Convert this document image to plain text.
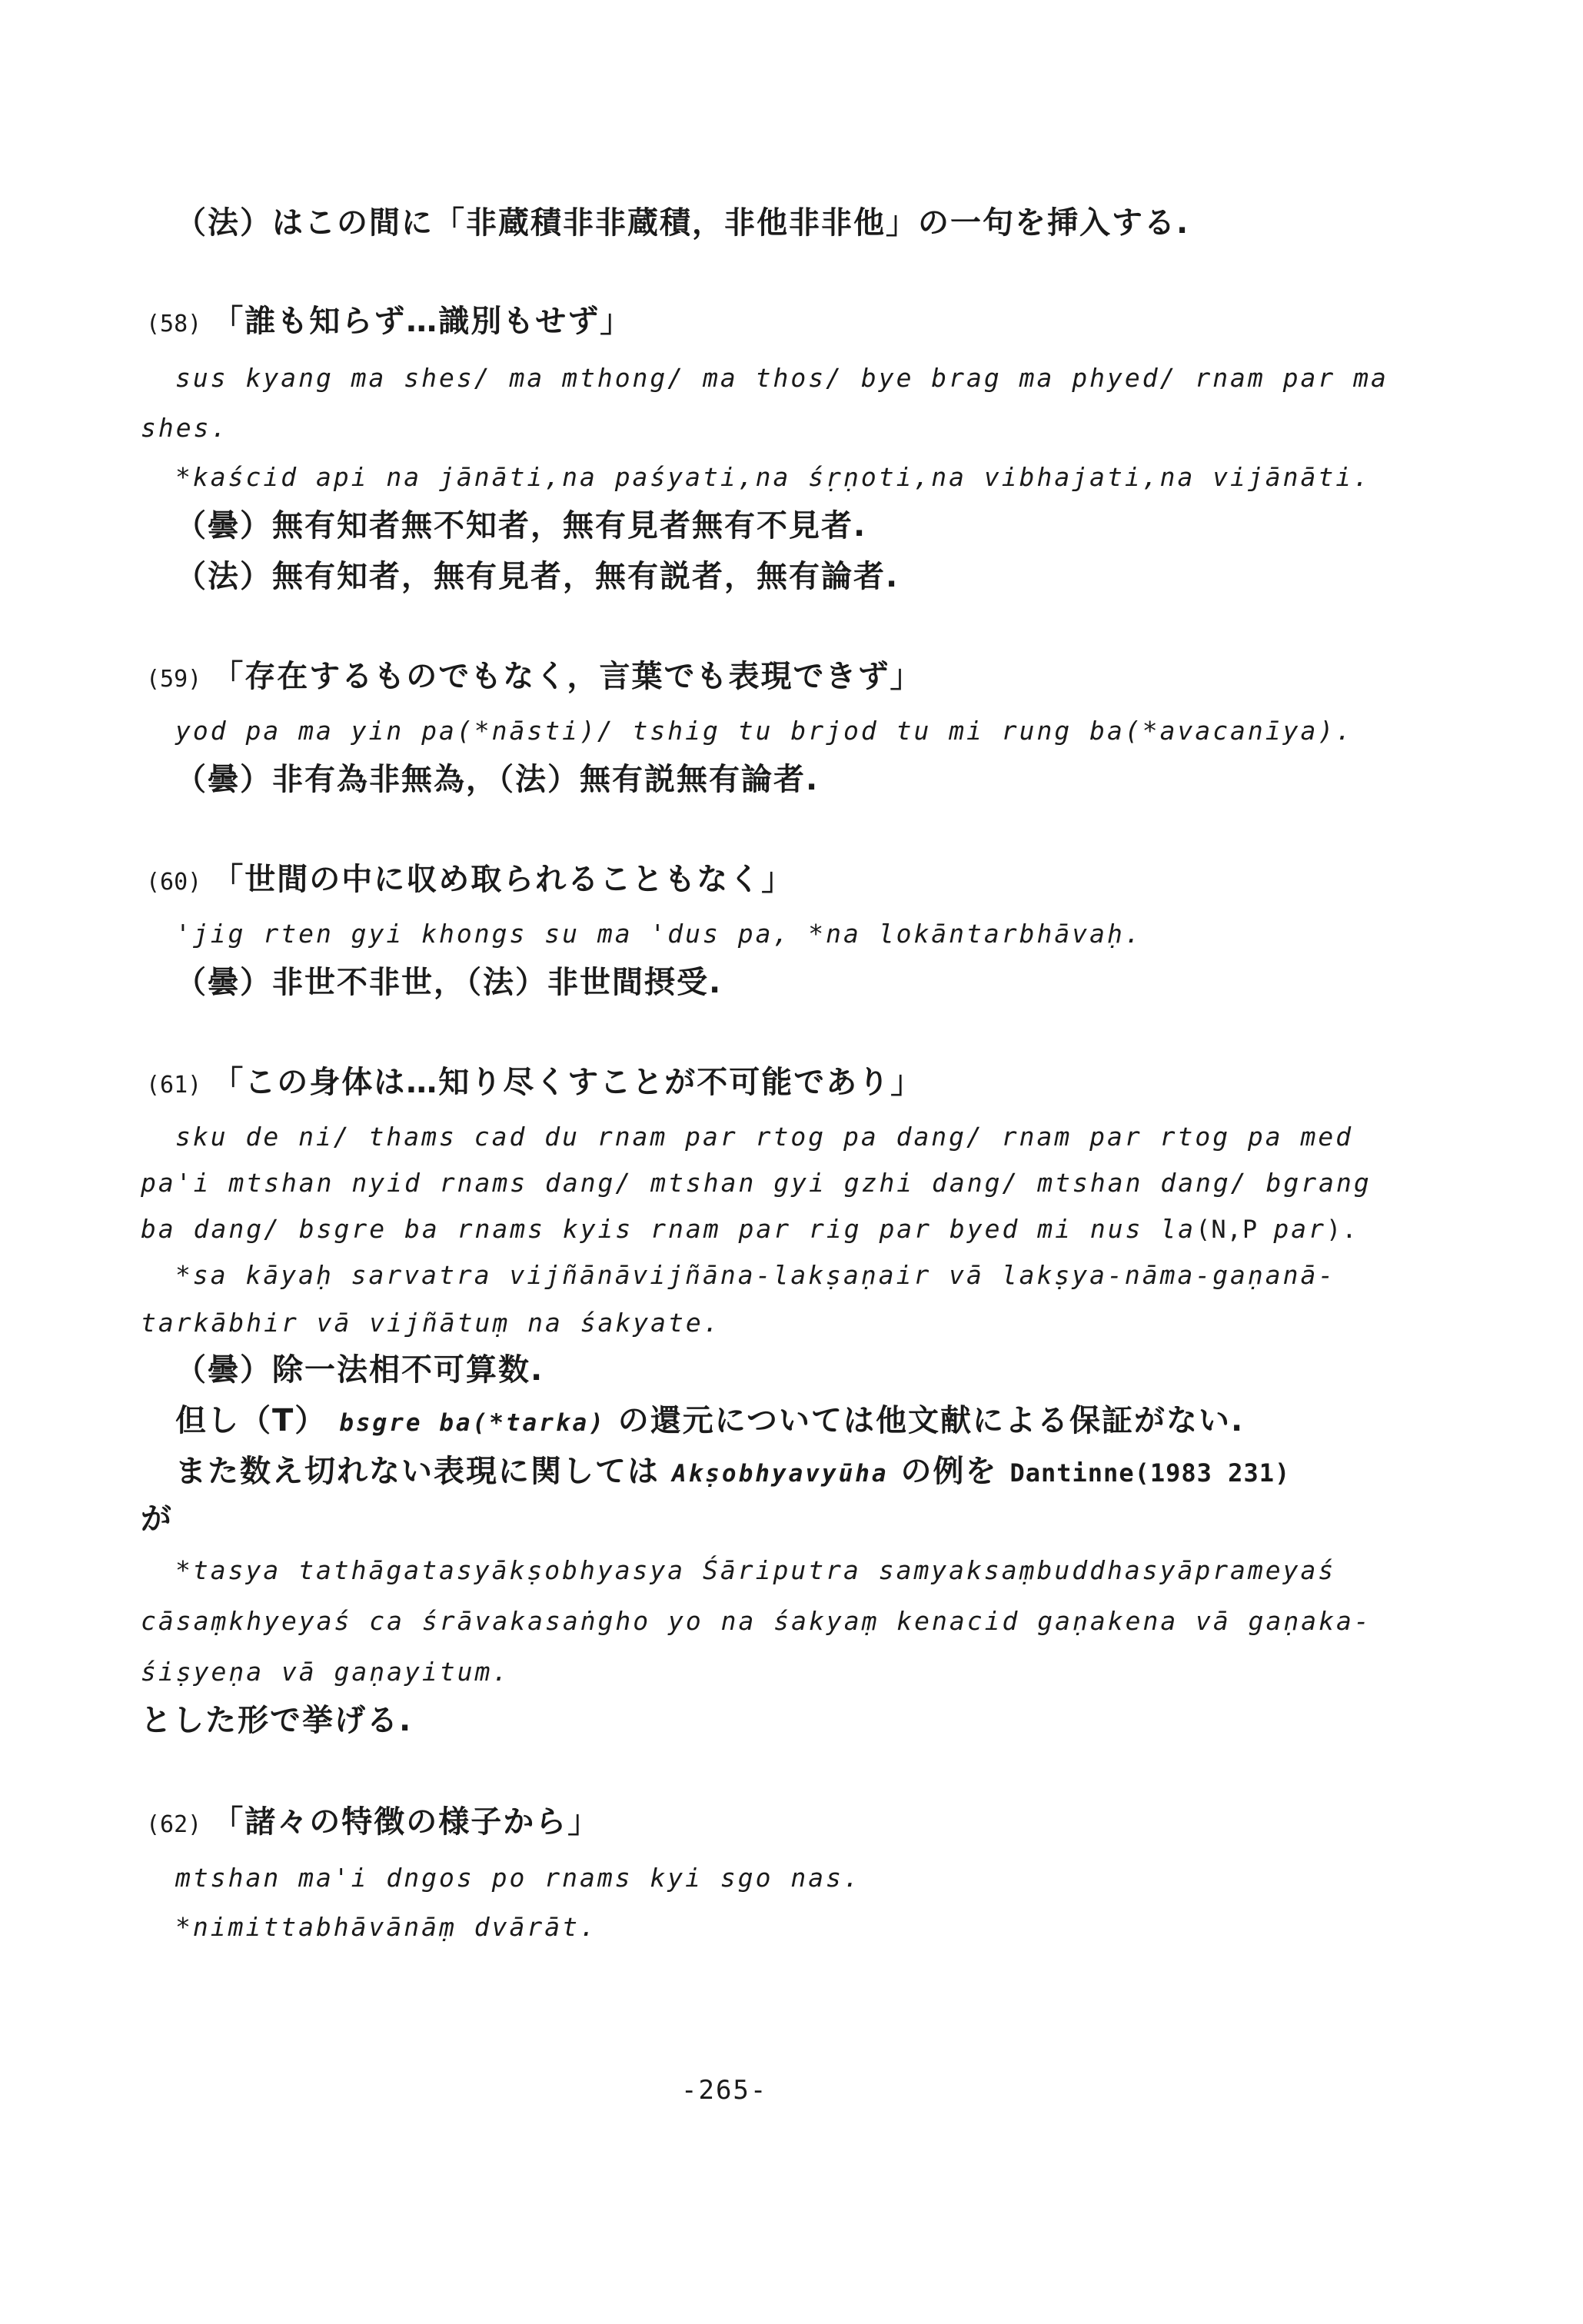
（法）はこの間に「非蔵積非非蔵積，非他非非他」の一句を挿入する.
(58) 「誰も知らず…識別もせず」
sus kyang ma shes/ ma mthong/ ma thos/ bye brag ma phyed/ rnam par ma
shes.
*kaścid api na jānāti,na paśyati,na śṛṇoti,na vibhajati,na vijānāti.
（曇）無有知者無不知者，無有見者無有不見者.
（法）無有知者，無有見者，無有説者，無有論者.
(59) 「存在するものでもなく，言葉でも表現できず」
yod pa ma yin pa(*nāsti)/ tshig tu brjod tu mi rung ba(*avacanīya).
（曇）非有為非無為，（法）無有説無有論者.
(60) 「世間の中に収め取られることもなく」
'jig rten gyi khongs su ma 'dus pa, *na lokāntarbhāvaḥ.
（曇）非世不非世，（法）非世間摂受.
(61) 「この身体は…知り尽くすことが不可能であり」
sku de ni/ thams cad du rnam par rtog pa dang/ rnam par rtog pa med
pa'i mtshan nyid rnams dang/ mtshan gyi gzhi dang/ mtshan dang/ bgrang
ba dang/ bsgre ba rnams kyis rnam par rig par byed mi nus la(N,P par).
*sa kāyaḥ sarvatra vijñānāvijñāna-lakṣaṇair vā lakṣya-nāma-gaṇanā-
tarkābhir vā vijñātuṃ na śakyate.
（曇）除一法相不可算数.
但し（T） bsgre ba(*tarka) の還元については他文献による保証がない.
また数え切れない表現に関しては Akṣobhyavyūha の例を Dantinne(1983 231)
が
*tasya tathāgatasyākṣobhyasya Śāriputra samyaksaṃbuddhasyāprameyaś
cāsaṃkhyeyaś ca śrāvakasaṅgho yo na śakyaṃ kenacid gaṇakena vā gaṇaka-
śiṣyeṇa vā gaṇayitum.
とした形で挙げる.
(62) 「諸々の特徴の様子から」
mtshan ma'i dngos po rnams kyi sgo nas.
*nimittabhāvānāṃ dvārāt.
-265-
